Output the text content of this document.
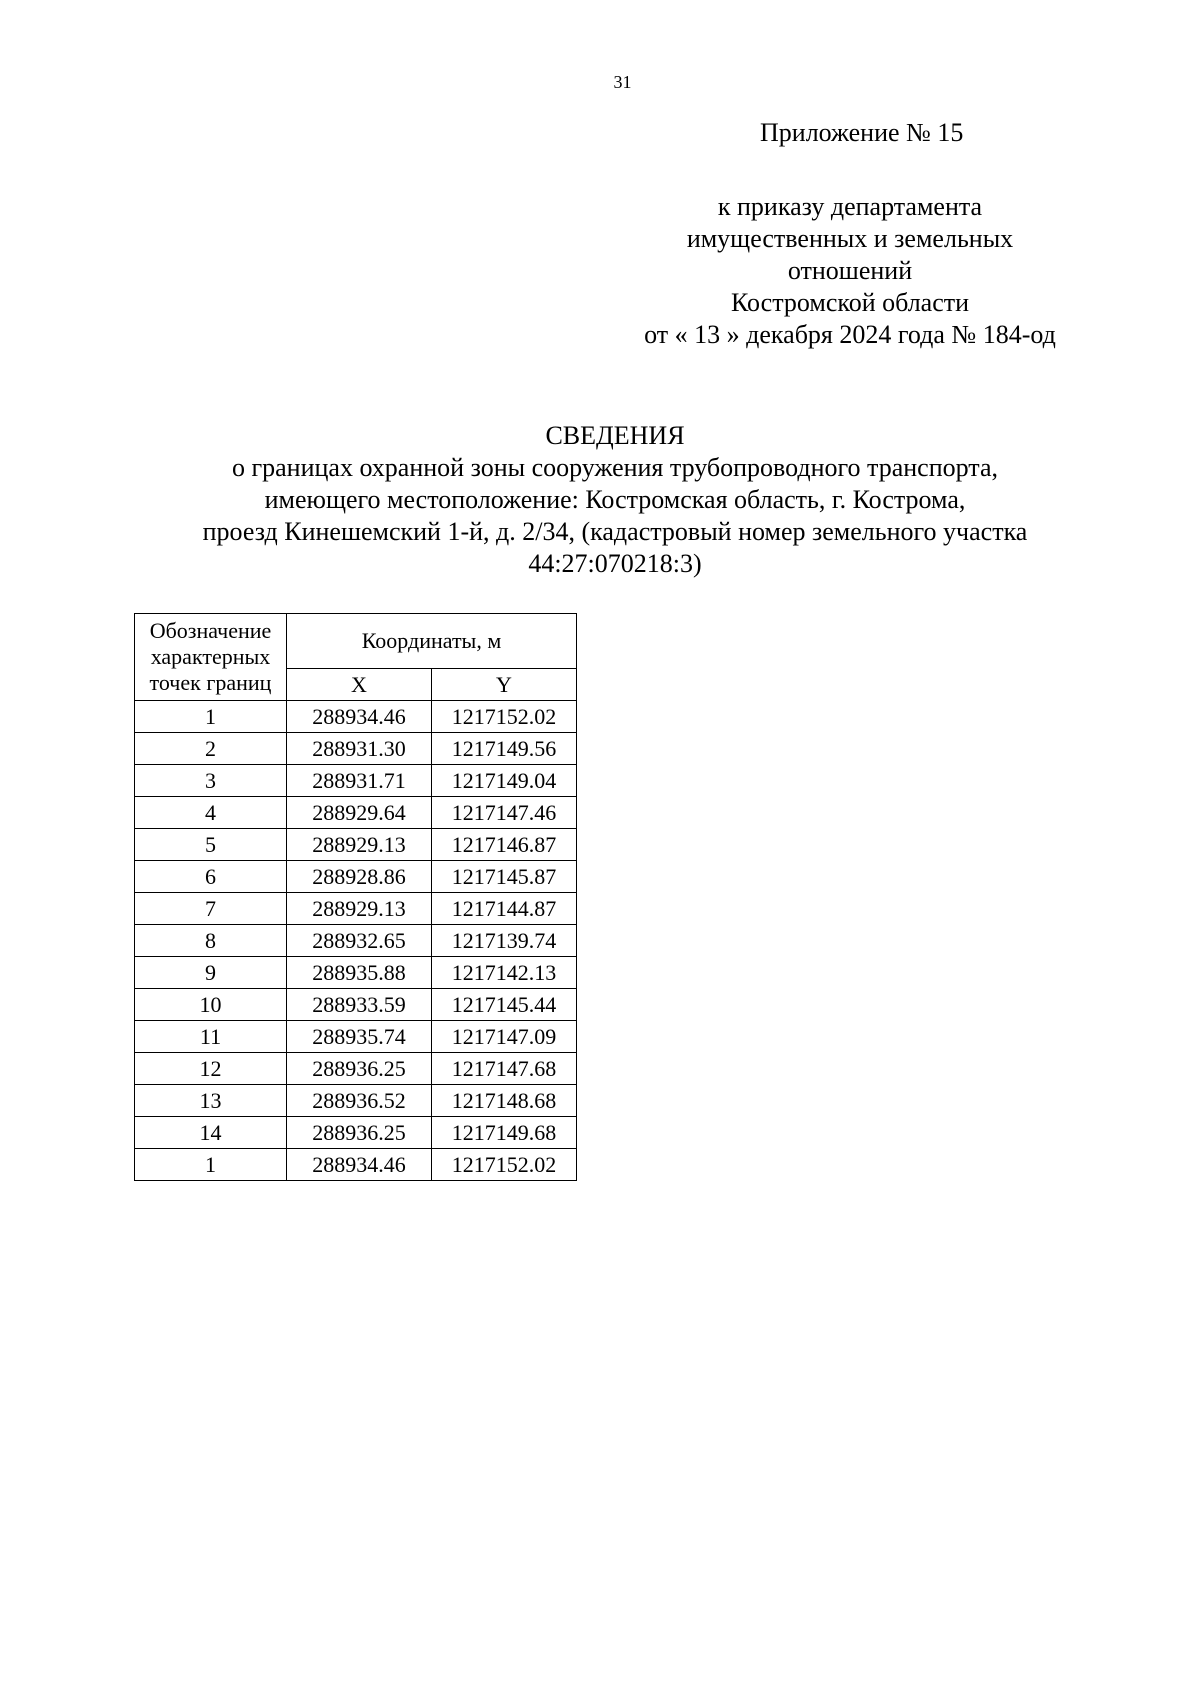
31
Приложение № 15
к приказу департамента
имущественных и земельных
отношений
Костромской области
от « 13 » декабря 2024 года № 184-од
СВЕДЕНИЯ
о границах охранной зоны сооружения трубопроводного транспорта,
имеющего местоположение: Костромская область, г. Кострома,
проезд Кинешемский 1-й, д. 2/34, (кадастровый номер земельного участка
44:27:070218:3)
Обозначение
характерных
точек границ	Координаты, м	
	X	Y
1	288934.46	1217152.02
2	288931.30	1217149.56
3	288931.71	1217149.04
4	288929.64	1217147.46
5	288929.13	1217146.87
6	288928.86	1217145.87
7	288929.13	1217144.87
8	288932.65	1217139.74
9	288935.88	1217142.13
10	288933.59	1217145.44
11	288935.74	1217147.09
12	288936.25	1217147.68
13	288936.52	1217148.68
14	288936.25	1217149.68
1	288934.46	1217152.02
